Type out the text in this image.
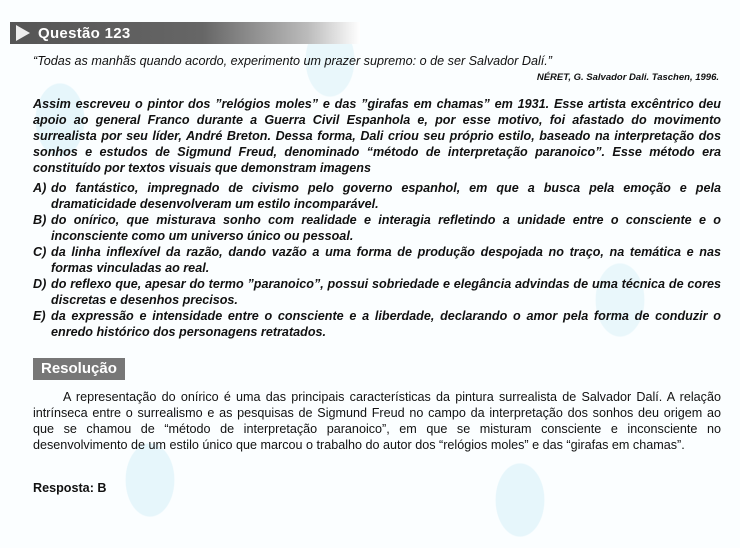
Questão 123
“Todas as manhãs quando acordo, experimento um prazer supremo: o de ser Salvador Dalí.”
NÉRET, G. Salvador Dali. Taschen, 1996.
Assim escreveu o pintor dos ”relógios moles” e das ”girafas em chamas” em 1931. Esse artista excêntrico deu apoio ao general Franco durante a Guerra Civil Espanhola e, por esse motivo, foi afastado do movimento surrealista por seu líder, André Breton. Dessa forma, Dali criou seu próprio estilo, baseado na interpretação dos sonhos e estudos de Sigmund Freud, denominado “método de interpretação paranoico”. Esse método era constituído por textos visuais que demonstram imagens
A) do fantástico, impregnado de civismo pelo governo espanhol, em que a busca pela emoção e pela dramaticidade desenvolveram um estilo incomparável.
B) do onírico, que misturava sonho com realidade e interagia refletindo a unidade entre o consciente e o inconsciente como um universo único ou pessoal.
C) da linha inflexível da razão, dando vazão a uma forma de produção despojada no traço, na temática e nas formas vinculadas ao real.
D) do reflexo que, apesar do termo ”paranoico”, possui sobriedade e elegância advindas de uma técnica de cores discretas e desenhos precisos.
E) da expressão e intensidade entre o consciente e a liberdade, declarando o amor pela forma de conduzir o enredo histórico dos personagens retratados.
Resolução
A representação do onírico é uma das principais características da pintura surrealista de Salvador Dalí. A relação intrínseca entre o surrealismo e as pesquisas de Sigmund Freud no campo da interpretação dos sonhos deu origem ao que se chamou de “método de interpretação paranoico”, em que se misturam consciente e inconsciente no desenvolvimento de um estilo único que marcou o trabalho do autor dos “relógios moles” e das “girafas em chamas”.
Resposta: B
